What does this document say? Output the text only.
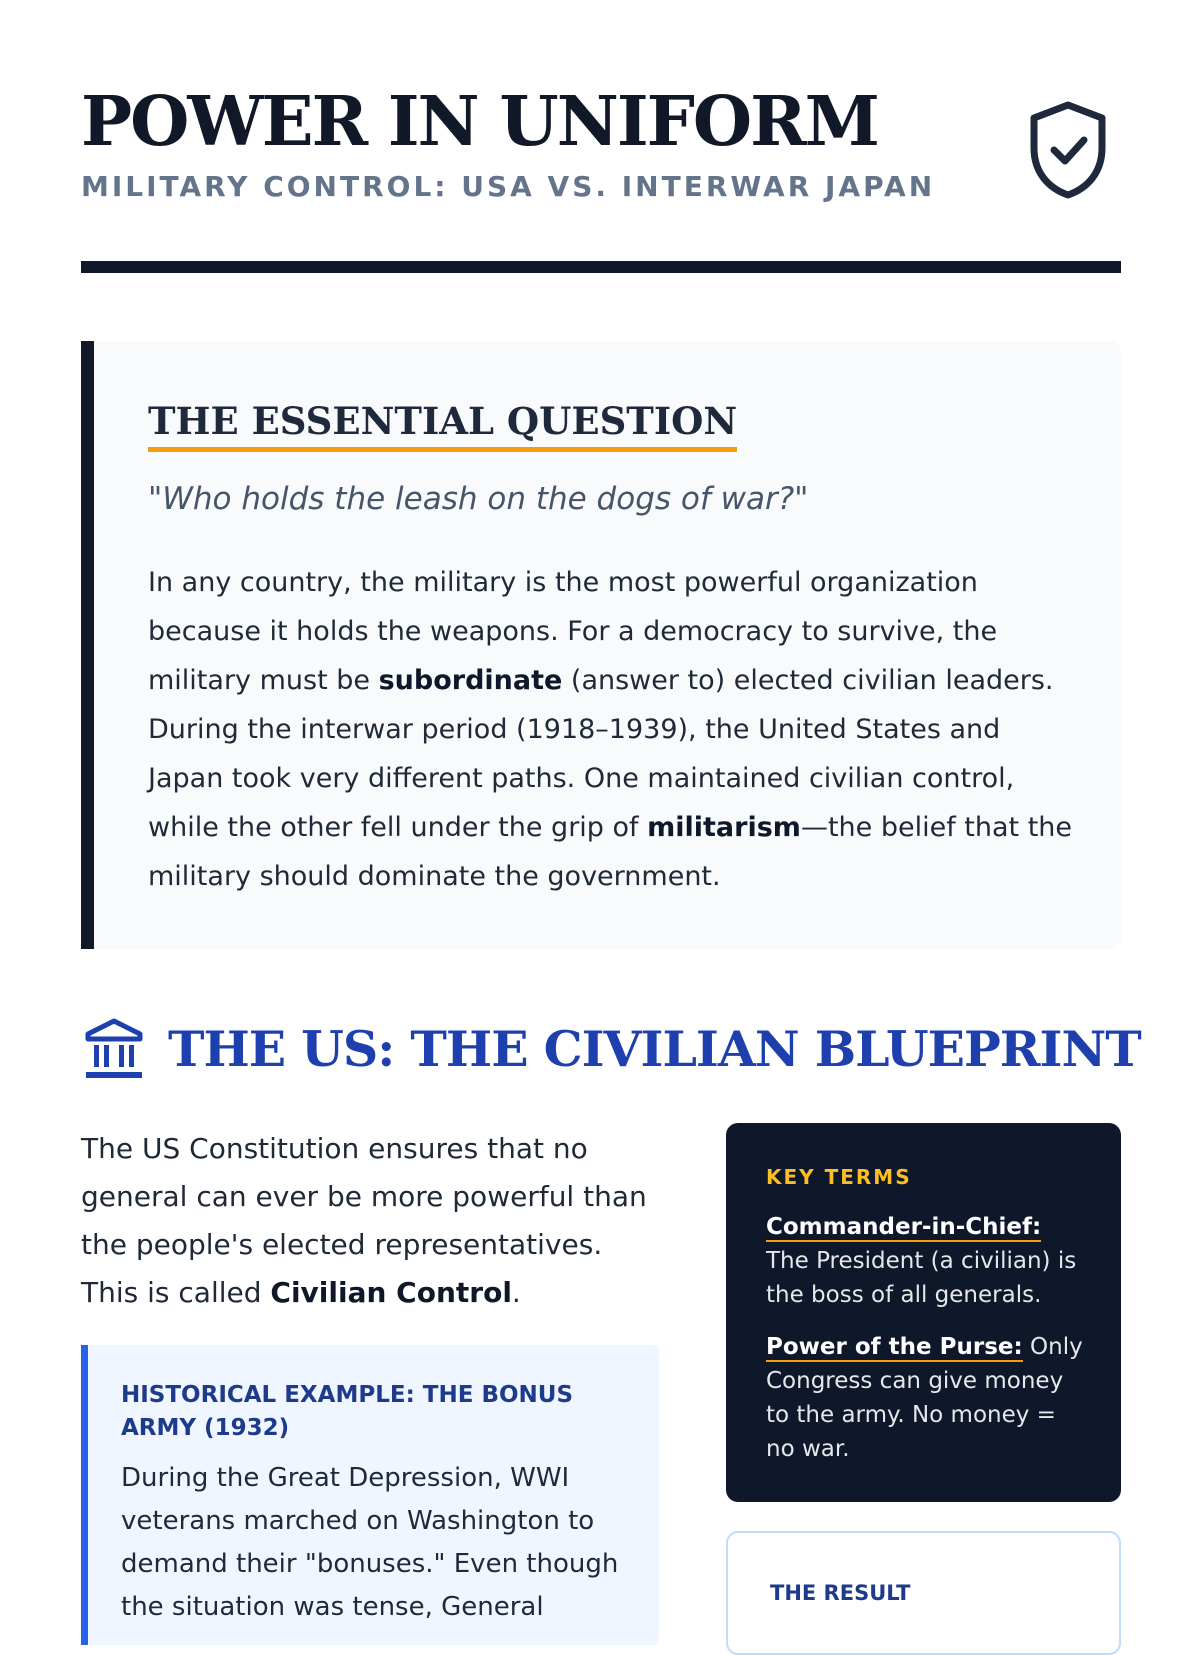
POWER IN UNIFORM
MILITARY CONTROL: USA VS. INTERWAR JAPAN
THE ESSENTIAL QUESTION
"Who holds the leash on the dogs of war?"
In any country, the military is the most powerful organization because it holds the weapons. For a democracy to survive, the military must be subordinate (answer to) elected civilian leaders. During the interwar period (1918–1939), the United States and Japan took very different paths. One maintained civilian control, while the other fell under the grip of militarism—the belief that the military should dominate the government.
THE US: THE CIVILIAN BLUEPRINT
The US Constitution ensures that no general can ever be more powerful than the people's elected representatives. This is called Civilian Control.
HISTORICAL EXAMPLE: THE BONUS ARMY (1932)
During the Great Depression, WWI veterans marched on Washington to demand their "bonuses." Even though the situation was tense, General
KEY TERMS
Commander-in-Chief: The President (a civilian) is the boss of all generals.
Power of the Purse: Only Congress can give money to the army. No money = no war.
THE RESULT
